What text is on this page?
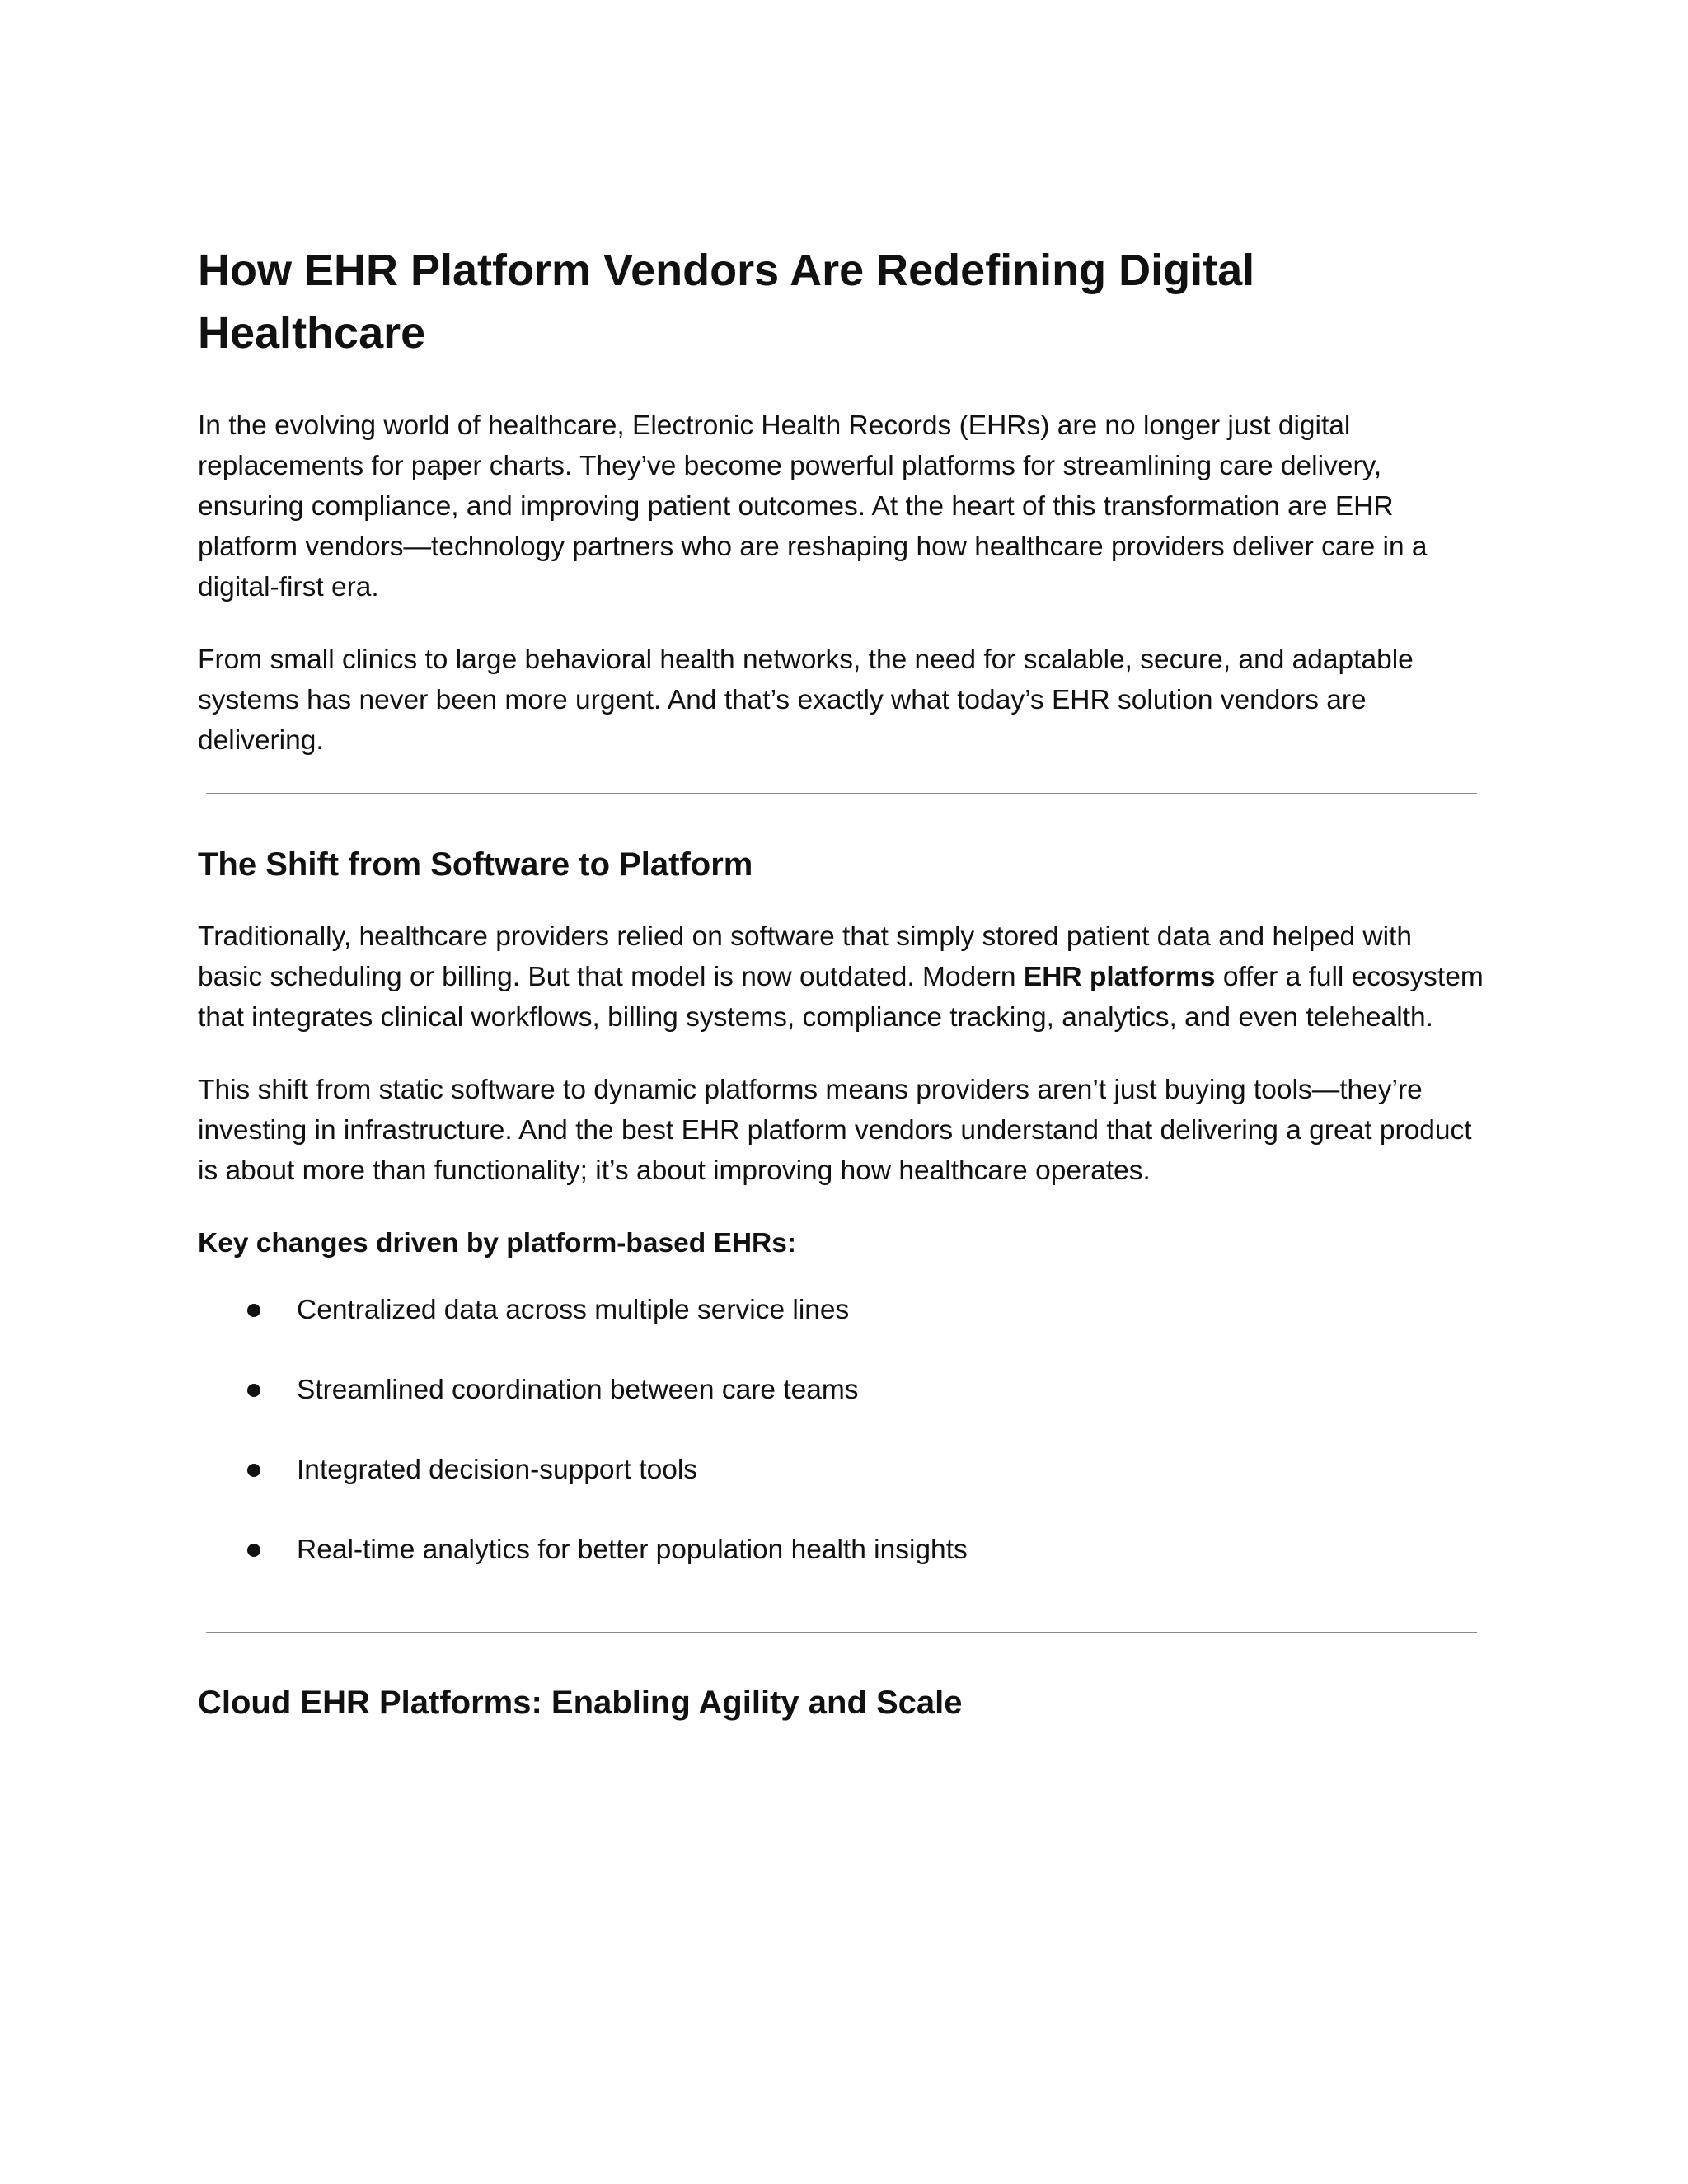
How EHR Platform Vendors Are Redefining Digital Healthcare

In the evolving world of healthcare, Electronic Health Records (EHRs) are no longer just digital replacements for paper charts. They’ve become powerful platforms for streamlining care delivery, ensuring compliance, and improving patient outcomes. At the heart of this transformation are EHR platform vendors—technology partners who are reshaping how healthcare providers deliver care in a digital-first era.

From small clinics to large behavioral health networks, the need for scalable, secure, and adaptable systems has never been more urgent. And that’s exactly what today’s EHR solution vendors are delivering.

The Shift from Software to Platform

Traditionally, healthcare providers relied on software that simply stored patient data and helped with basic scheduling or billing. But that model is now outdated. Modern EHR platforms offer a full ecosystem that integrates clinical workflows, billing systems, compliance tracking, analytics, and even telehealth.

This shift from static software to dynamic platforms means providers aren’t just buying tools—they’re investing in infrastructure. And the best EHR platform vendors understand that delivering a great product is about more than functionality; it’s about improving how healthcare operates.

Key changes driven by platform-based EHRs:

Centralized data across multiple service lines
Streamlined coordination between care teams
Integrated decision-support tools
Real-time analytics for better population health insights
Cloud EHR Platforms: Enabling Agility and Scale
